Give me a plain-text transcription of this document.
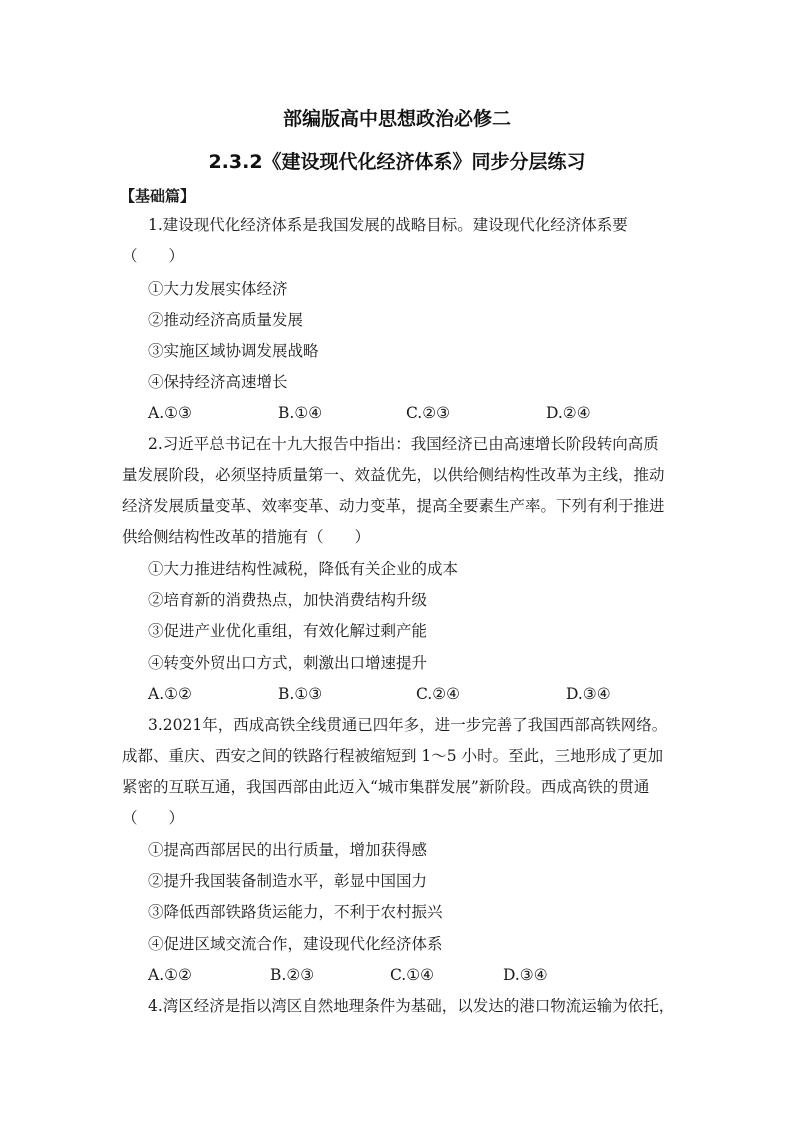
部编版高中思想政治必修二
2.3.2《建设现代化经济体系》同步分层练习
【基础篇】
1.建设现代化经济体系是我国发展的战略目标。建设现代化经济体系要
（　　）
①大力发展实体经济
②推动经济高质量发展
③实施区域协调发展战略
④保持经济高速增长
A.①③	B.①④	C.②③	D.②④
2.习近平总书记在十九大报告中指出：我国经济已由高速增长阶段转向高质
量发展阶段，必须坚持质量第一、效益优先，以供给侧结构性改革为主线，推动
经济发展质量变革、效率变革、动力变革，提高全要素生产率。下列有利于推进
供给侧结构性改革的措施有（　　）
①大力推进结构性减税，降低有关企业的成本
②培育新的消费热点，加快消费结构升级
③促进产业优化重组，有效化解过剩产能
④转变外贸出口方式，刺激出口增速提升
A.①②	B.①③	C.②④	D.③④
3.2021年，西成高铁全线贯通已四年多，进一步完善了我国西部高铁网络。
成都、重庆、西安之间的铁路行程被缩短到 1～5 小时。至此，三地形成了更加
紧密的互联互通，我国西部由此迈入“城市集群发展”新阶段。西成高铁的贯通
（　　）
①提高西部居民的出行质量，增加获得感
②提升我国装备制造水平，彰显中国国力
③降低西部铁路货运能力，不利于农村振兴
④促进区域交流合作，建设现代化经济体系
A.①②	B.②③	C.①④	D.③④
4.湾区经济是指以湾区自然地理条件为基础，以发达的港口物流运输为依托，
